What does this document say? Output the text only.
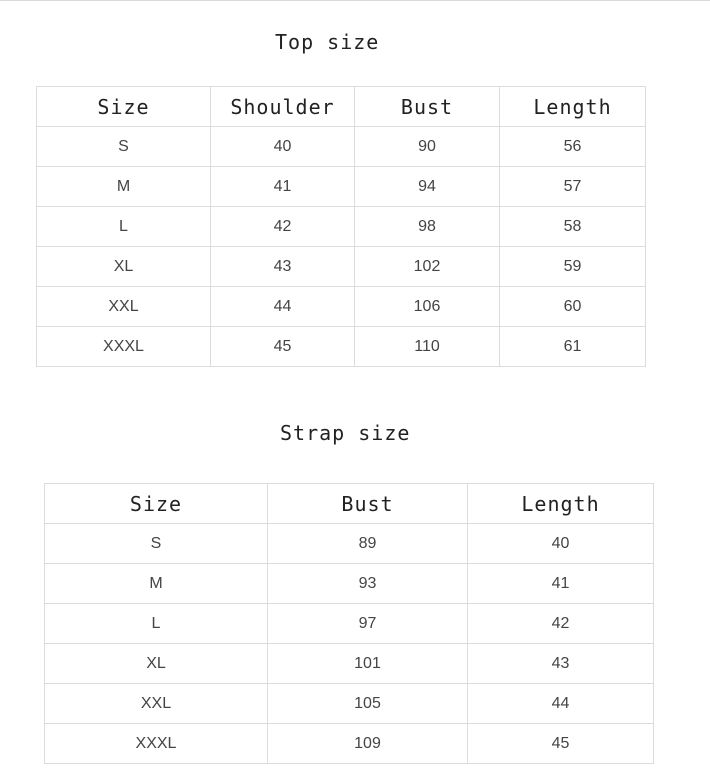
Top size
Size	Shoulder	Bust	Length
S	40	90	56
M	41	94	57
L	42	98	58
XL	43	102	59
XXL	44	106	60
XXXL	45	110	61
Strap size
Size	Bust	Length
S	89	40
M	93	41
L	97	42
XL	101	43
XXL	105	44
XXXL	109	45
